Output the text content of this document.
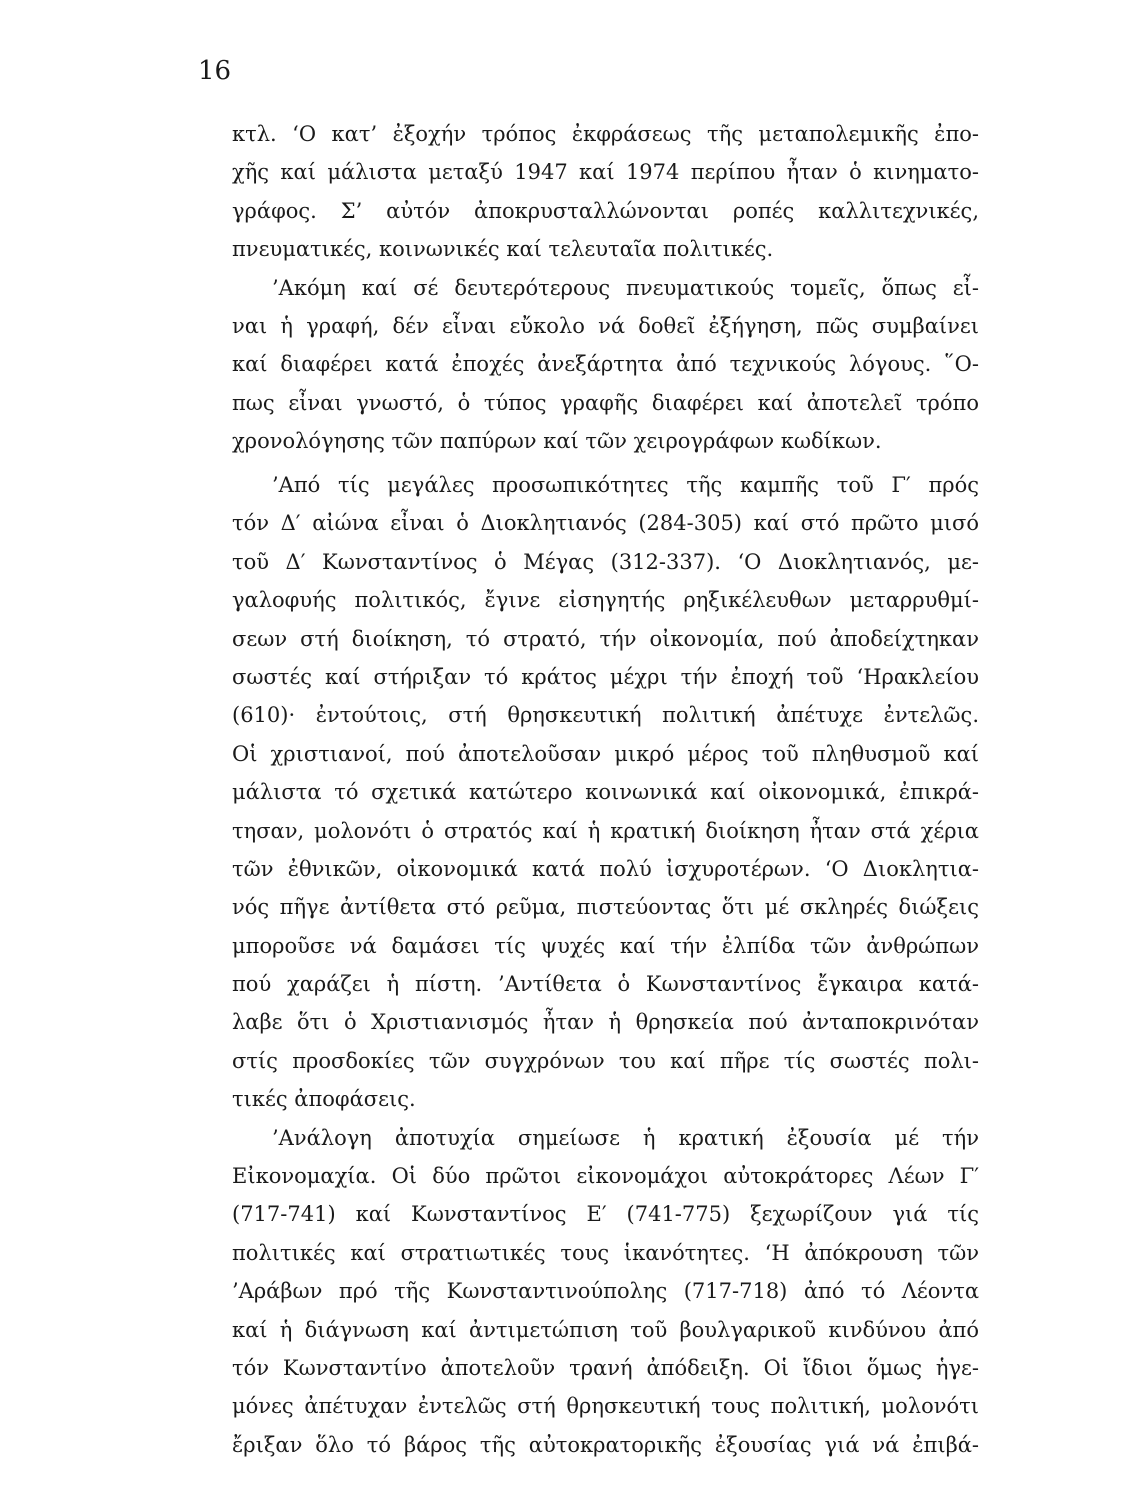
16

κτλ. ‘Ο κατ’ ἐξοχήν τρόπος ἐκφράσεως τῆς μεταπολεμικῆς ἐπο-
χῆς καί μάλιστα μεταξύ 1947 καί 1974 περίπου ἦταν ὁ κινηματο-
γράφος. Σ’ αὐτόν ἀποκρυσταλλώνονται ροπές καλλιτεχνικές,
πνευματικές, κοινωνικές καί τελευταῖα πολιτικές.
’Ακόμη καί σέ δευτερότερους πνευματικούς τομεῖς, ὅπως εἶ-
ναι ἡ γραφή, δέν εἶναι εὔκολο νά δοθεῖ ἐξήγηση, πῶς συμβαίνει
καί διαφέρει κατά ἐποχές ἀνεξάρτητα ἀπό τεχνικούς λόγους. ῞Ο-
πως εἶναι γνωστό, ὁ τύπος γραφῆς διαφέρει καί ἀποτελεῖ τρόπο
χρονολόγησης τῶν παπύρων καί τῶν χειρογράφων κωδίκων.
’Από τίς μεγάλες προσωπικότητες τῆς καμπῆς τοῦ Γ′ πρός
τόν Δ′ αἰώνα εἶναι ὁ Διοκλητιανός (284-305) καί στό πρῶτο μισό
τοῦ Δ′ Κωνσταντίνος ὁ Μέγας (312-337). ‘Ο Διοκλητιανός, με-
γαλοφυής πολιτικός, ἔγινε εἰσηγητής ρηξικέλευθων μεταρρυθμί-
σεων στή διοίκηση, τό στρατό, τήν οἰκονομία, πού ἀποδείχτηκαν
σωστές καί στήριξαν τό κράτος μέχρι τήν ἐποχή τοῦ ‘Ηρακλείου
(610)· ἐντούτοις, στή θρησκευτική πολιτική ἀπέτυχε ἐντελῶς.
Οἱ χριστιανοί, πού ἀποτελοῦσαν μικρό μέρος τοῦ πληθυσμοῦ καί
μάλιστα τό σχετικά κατώτερο κοινωνικά καί οἰκονομικά, ἐπικρά-
τησαν, μολονότι ὁ στρατός καί ἡ κρατική διοίκηση ἦταν στά χέρια
τῶν ἐθνικῶν, οἰκονομικά κατά πολύ ἰσχυροτέρων. ‘Ο Διοκλητια-
νός πῆγε ἀντίθετα στό ρεῦμα, πιστεύοντας ὅτι μέ σκληρές διώξεις
μποροῦσε νά δαμάσει τίς ψυχές καί τήν ἐλπίδα τῶν ἀνθρώπων
πού χαράζει ἡ πίστη. ’Αντίθετα ὁ Κωνσταντίνος ἔγκαιρα κατά-
λαβε ὅτι ὁ Χριστιανισμός ἦταν ἡ θρησκεία πού ἀνταποκρινόταν
στίς προσδοκίες τῶν συγχρόνων του καί πῆρε τίς σωστές πολι-
τικές ἀποφάσεις.
’Ανάλογη ἀποτυχία σημείωσε ἡ κρατική ἐξουσία μέ τήν
Εἰκονομαχία. Οἱ δύο πρῶτοι εἰκονομάχοι αὐτοκράτορες Λέων Γ′
(717-741) καί Κωνσταντίνος Ε′ (741-775) ξεχωρίζουν γιά τίς
πολιτικές καί στρατιωτικές τους ἱκανότητες. ‘Η ἀπόκρουση τῶν
’Αράβων πρό τῆς Κωνσταντινούπολης (717-718) ἀπό τό Λέοντα
καί ἡ διάγνωση καί ἀντιμετώπιση τοῦ βουλγαρικοῦ κινδύνου ἀπό
τόν Κωνσταντίνο ἀποτελοῦν τρανή ἀπόδειξη. Οἱ ἴδιοι ὅμως ἡγε-
μόνες ἀπέτυχαν ἐντελῶς στή θρησκευτική τους πολιτική, μολονότι
ἔριξαν ὅλο τό βάρος τῆς αὐτοκρατορικῆς ἐξουσίας γιά νά ἐπιβά-
